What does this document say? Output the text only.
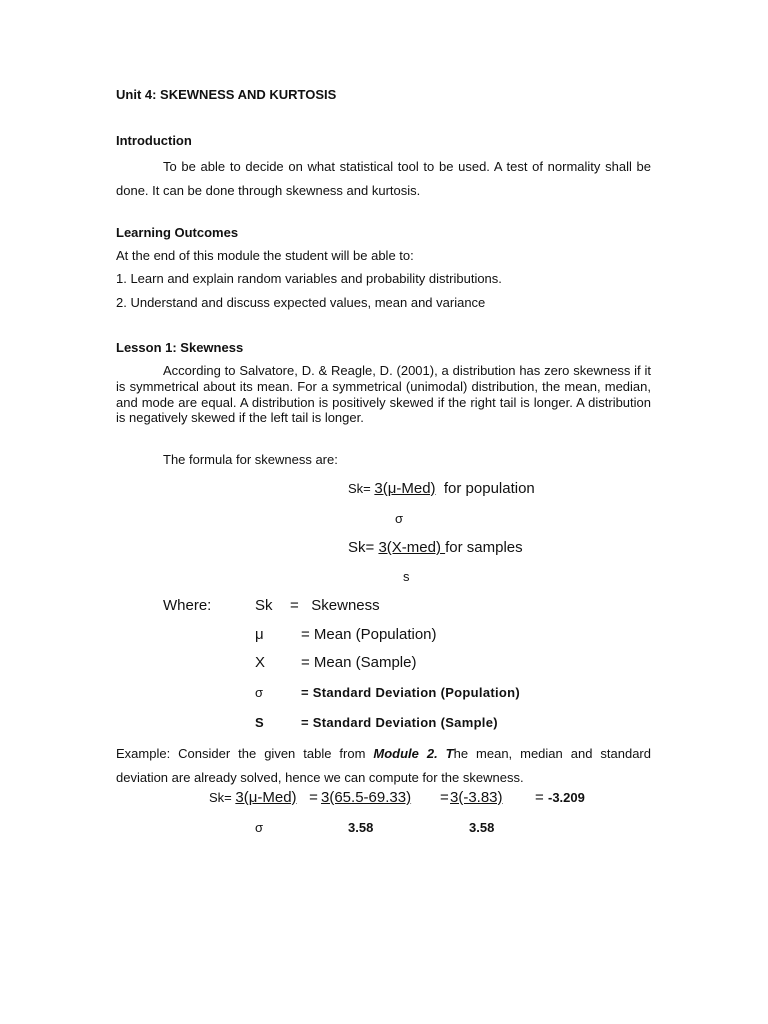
Unit 4: SKEWNESS AND KURTOSIS
Introduction
To be able to decide on what statistical tool to be used. A test of normality shall be done. It can be done through skewness and kurtosis.
Learning Outcomes
At the end of this module the student will be able to:
1. Learn and explain random variables and probability distributions.
2. Understand and discuss expected values, mean and variance
Lesson 1: Skewness
According to Salvatore, D. & Reagle, D. (2001), a distribution has zero skewness if it is symmetrical about its mean. For a symmetrical (unimodal) distribution, the mean, median, and mode are equal. A distribution is positively skewed if the right tail is longer. A distribution is negatively skewed if the left tail is longer.
The formula for skewness are:
Sk= 3(μ-Med)  for population
σ
Sk= 3(X-med) for samples
s
Where:	Sk =   Skewness
μ = Mean (Population)
X = Mean (Sample)
σ	= Standard Deviation (Population)
S	= Standard Deviation (Sample)
Example: Consider the given table from Module 2. The mean, median and standard deviation are already solved, hence we can compute for the skewness.
Sk= 3(μ-Med) =
3(65.5-69.33) = 3(-3.83) = -3.209
σ	3.58	3.58
